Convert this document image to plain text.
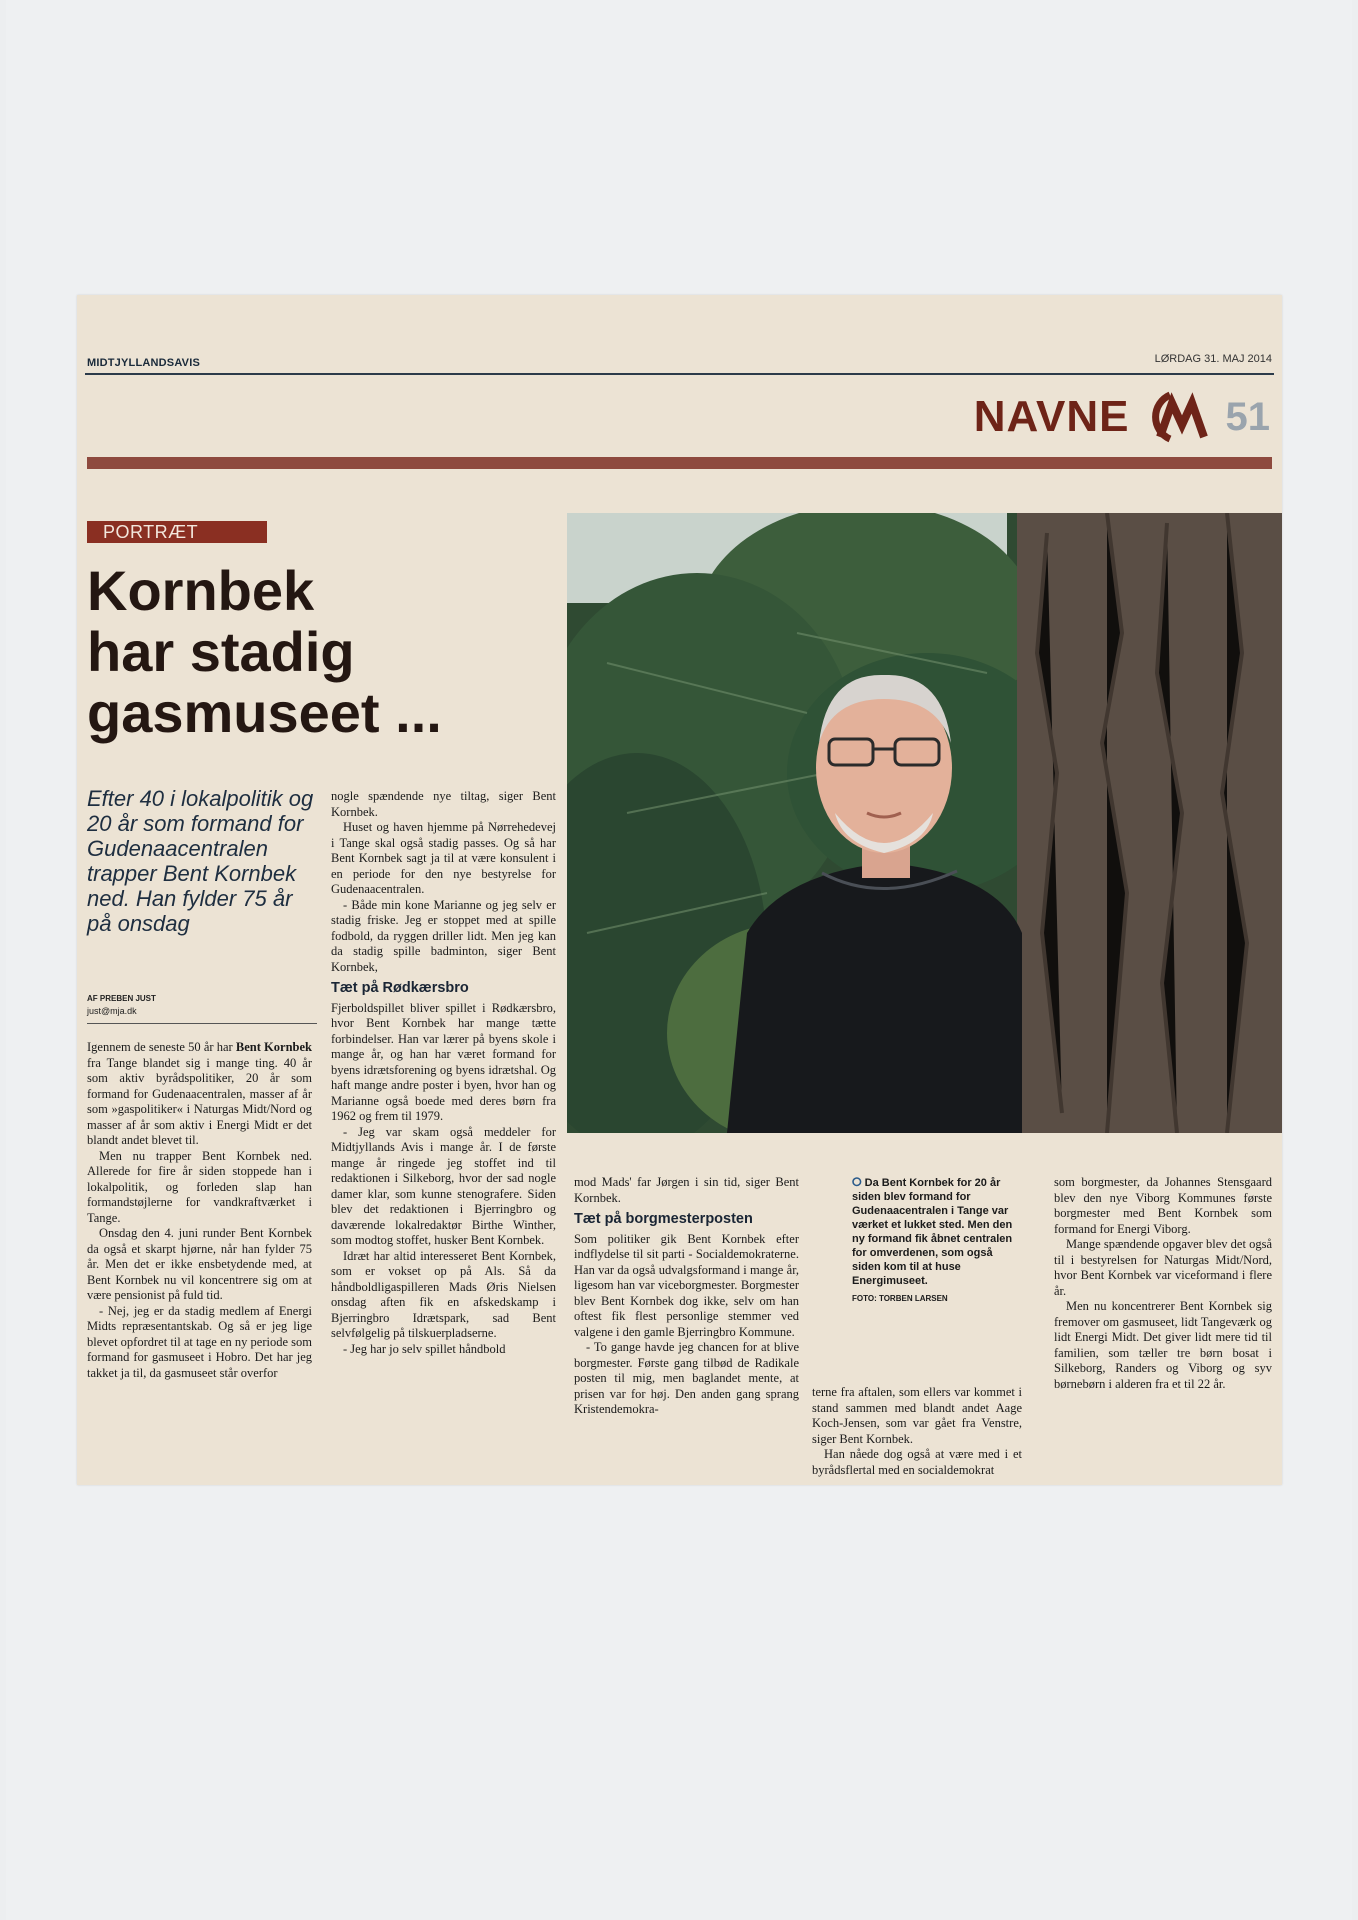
MIDTJYLLANDSAVIS	LØRDAG 31. MAJ 2014
NAVNE 51
PORTRÆT
Kornbek
har stadig
gasmuseet ...

Efter 40 i lokalpolitik og 20 år som formand for Gudenaacentralen trapper Bent Kornbek ned. Han fylder 75 år på onsdag

AF PREBEN JUST
just@mja.dk

Igennem de seneste 50 år har Bent Kornbek fra Tange blandet sig i mange ting. 40 år som aktiv byrådspolitiker, 20 år som formand for Gudenaacentralen, masser af år som »gaspolitiker« i Naturgas Midt/Nord og masser af år som aktiv i Energi Midt er det blandt andet blevet til.

Men nu trapper Bent Kornbek ned. Allerede for fire år siden stoppede han i lokalpolitik, og forleden slap han formandstøjlerne for vandkraftværket i Tange.

Onsdag den 4. juni runder Bent Kornbek da også et skarpt hjørne, når han fylder 75 år. Men det er ikke ensbetydende med, at Bent Kornbek nu vil koncentrere sig om at være pensionist på fuld tid.

- Nej, jeg er da stadig medlem af Energi Midts repræsentantskab. Og så er jeg lige blevet opfordret til at tage en ny periode som formand for gasmuseet i Hobro. Det har jeg takket ja til, da gasmuseet står overfor

nogle spændende nye tiltag, siger Bent Kornbek.

Huset og haven hjemme på Nørrehedevej i Tange skal også stadig passes. Og så har Bent Kornbek sagt ja til at være konsulent i en periode for den nye bestyrelse for Gudenaacentralen.

- Både min kone Marianne og jeg selv er stadig friske. Jeg er stoppet med at spille fodbold, da ryggen driller lidt. Men jeg kan da stadig spille badminton, siger Bent Kornbek,

Tæt på Rødkærsbro

Fjerboldspillet bliver spillet i Rødkærsbro, hvor Bent Kornbek har mange tætte forbindelser. Han var lærer på byens skole i mange år, og han har været formand for byens idrætsforening og byens idrætshal. Og haft mange andre poster i byen, hvor han og Marianne også boede med deres børn fra 1962 og frem til 1979.

- Jeg var skam også meddeler for Midtjyllands Avis i mange år. I de første mange år ringede jeg stoffet ind til redaktionen i Silkeborg, hvor der sad nogle damer klar, som kunne stenografere. Siden blev det redaktionen i Bjerringbro og daværende lokalredaktør Birthe Winther, som modtog stoffet, husker Bent Kornbek.

Idræt har altid interesseret Bent Kornbek, som er vokset op på Als. Så da håndboldligaspilleren Mads Øris Nielsen onsdag aften fik en afskedskamp i Bjerringbro Idrætspark, sad Bent selvfølgelig på tilskuerpladserne.

- Jeg har jo selv spillet håndbold

mod Mads' far Jørgen i sin tid, siger Bent Kornbek.

Tæt på borgmesterposten

Som politiker gik Bent Kornbek efter indflydelse til sit parti - Socialdemokraterne. Han var da også udvalgsformand i mange år, ligesom han var viceborgmester. Borgmester blev Bent Kornbek dog ikke, selv om han oftest fik flest personlige stemmer ved valgene i den gamle Bjerringbro Kommune.

- To gange havde jeg chancen for at blive borgmester. Første gang tilbød de Radikale posten til mig, men baglandet mente, at prisen var for høj. Den anden gang sprang Kristendemokra-

⭘ Da Bent Kornbek for 20 år siden blev formand for Gudenaacentralen i Tange var værket et lukket sted. Men den ny formand fik åbnet centralen for omverdenen, som også siden kom til at huse Energimuseet.
FOTO: TORBEN LARSEN

terne fra aftalen, som ellers var kommet i stand sammen med blandt andet Aage Koch-Jensen, som var gået fra Venstre, siger Bent Kornbek.

Han nåede dog også at være med i et byrådsflertal med en socialdemokrat

som borgmester, da Johannes Stensgaard blev den nye Viborg Kommunes første borgmester med Bent Kornbek som formand for Energi Viborg.

Mange spændende opgaver blev det også til i bestyrelsen for Naturgas Midt/Nord, hvor Bent Kornbek var viceformand i flere år.

Men nu koncentrerer Bent Kornbek sig fremover om gasmuseet, lidt Tangeværk og lidt Energi Midt. Det giver lidt mere tid til familien, som tæller tre børn bosat i Silkeborg, Randers og Viborg og syv børnebørn i alderen fra et til 22 år.
